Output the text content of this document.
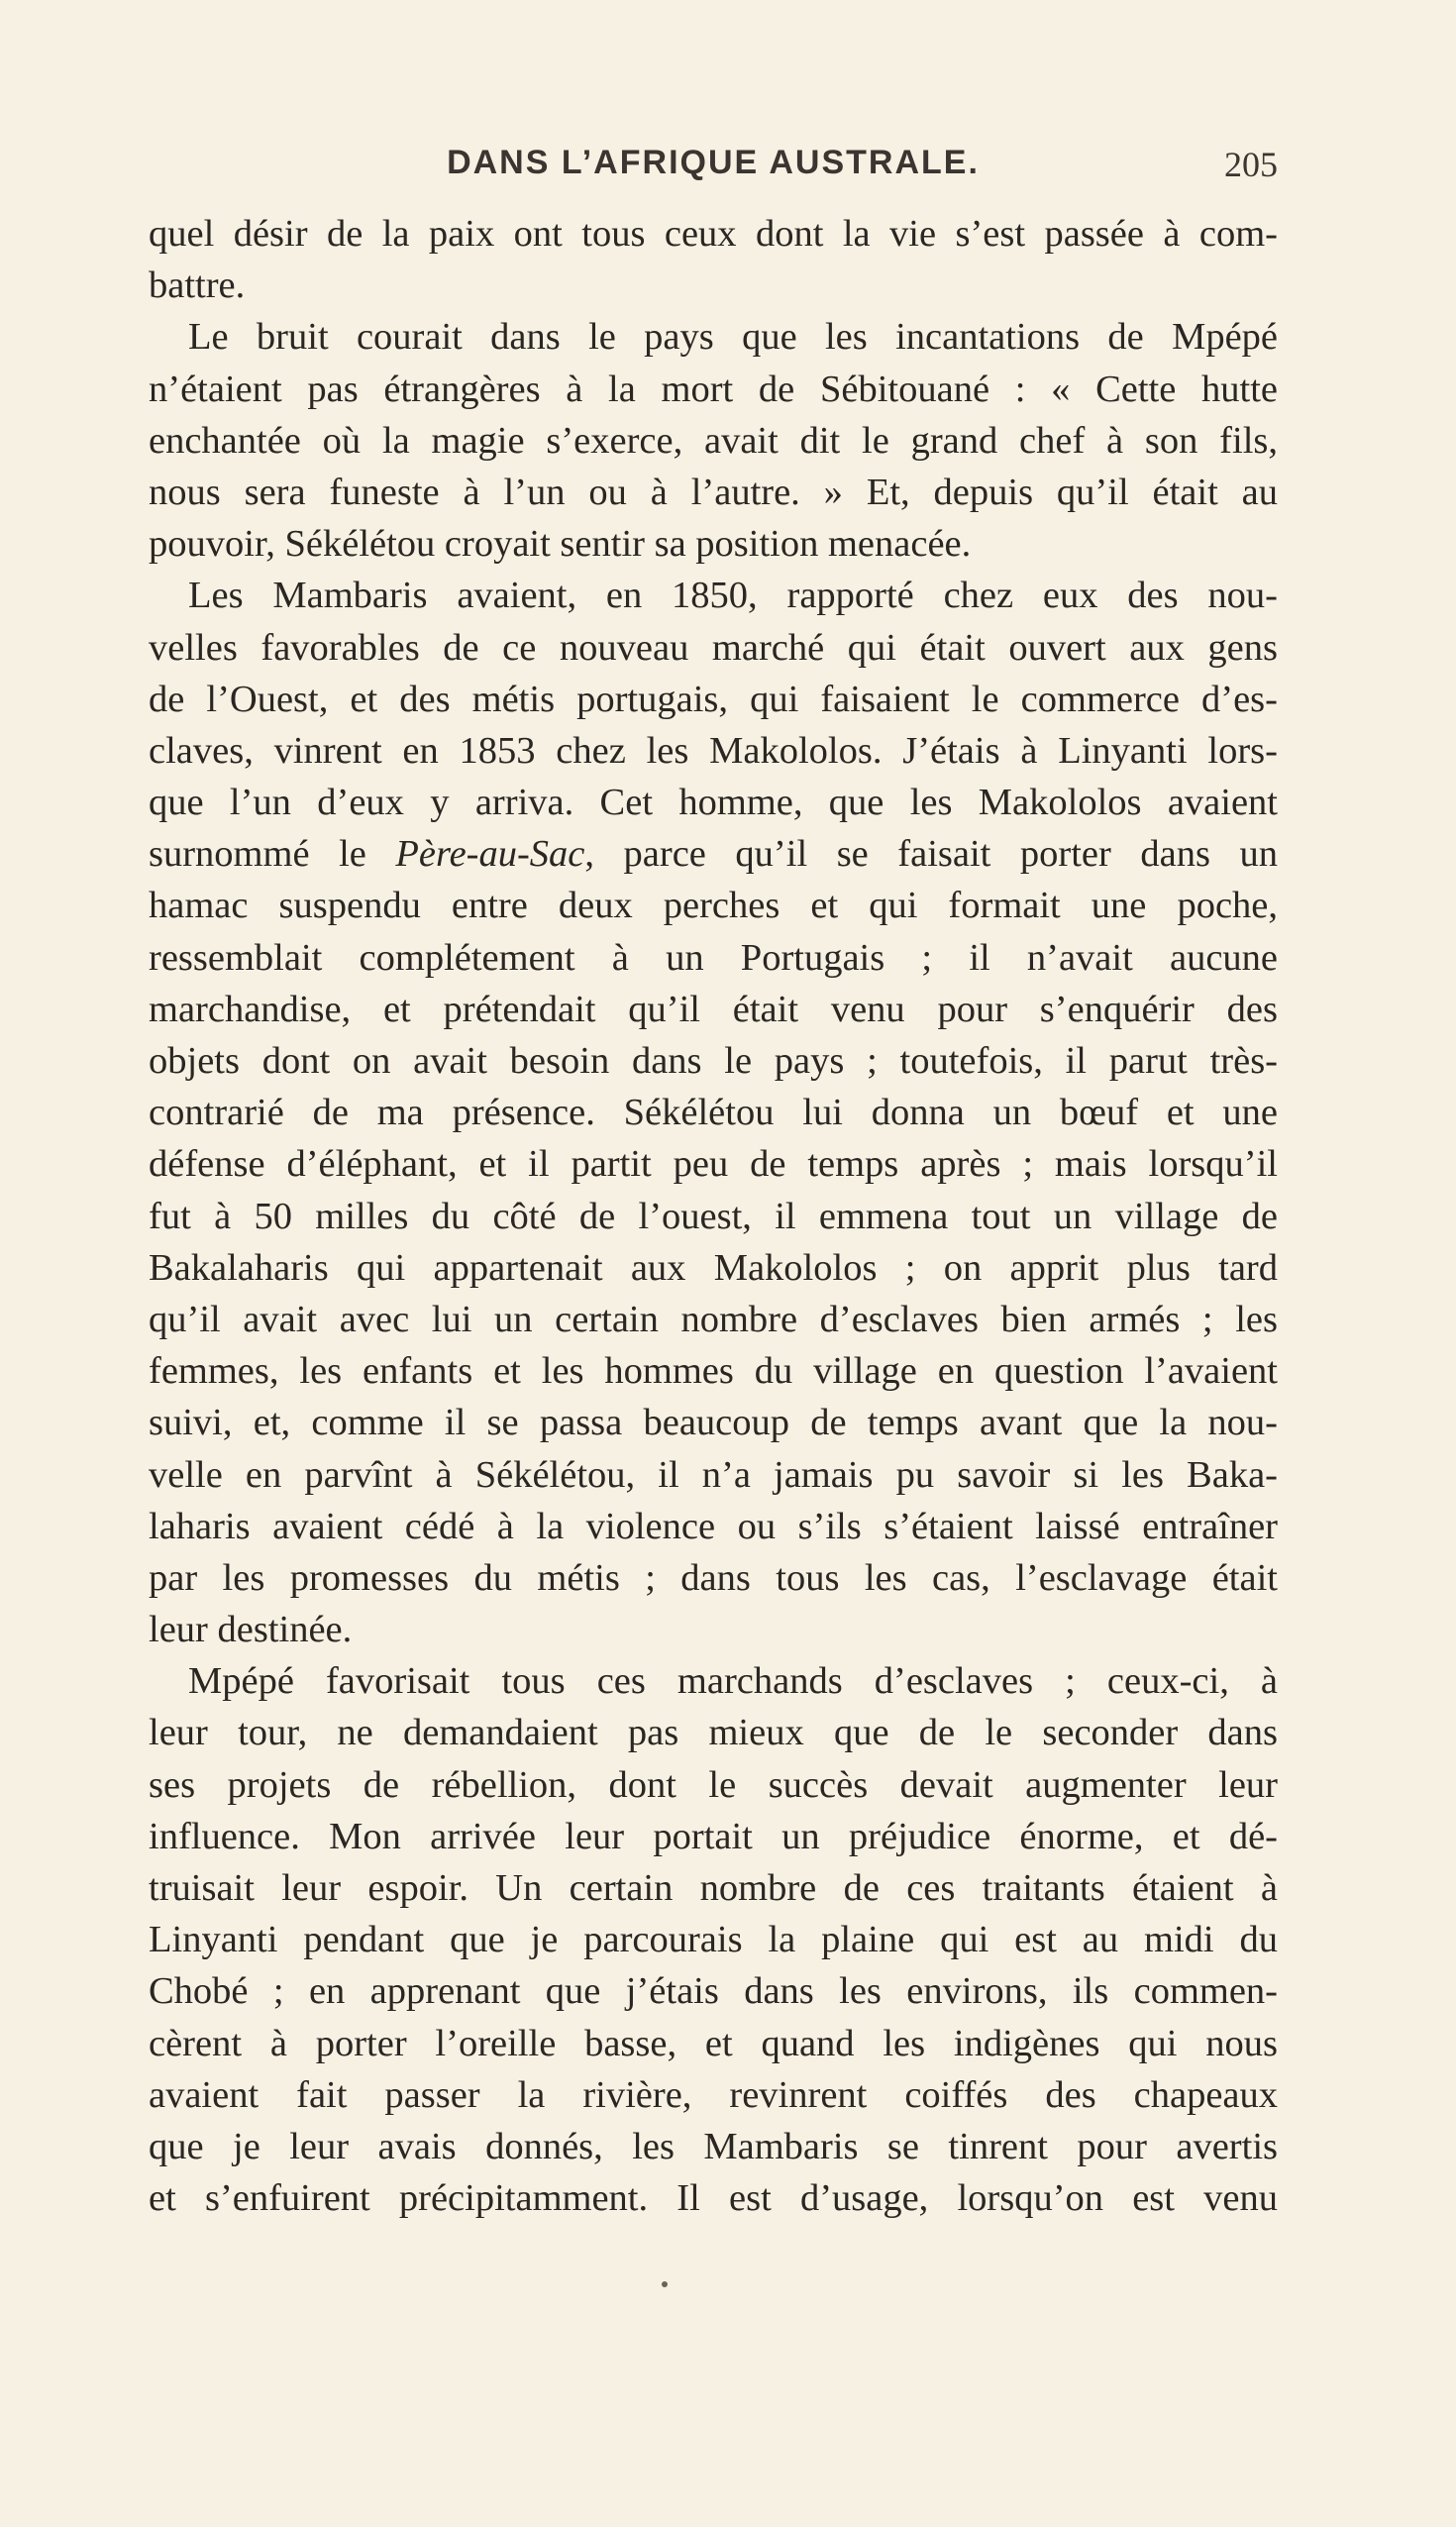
DANS L’AFRIQUE AUSTRALE.	205
quel désir de la paix ont tous ceux dont la vie s’est passée à com-
battre.
Le bruit courait dans le pays que les incantations de Mpépé
n’étaient pas étrangères à la mort de Sébitouané : « Cette hutte
enchantée où la magie s’exerce, avait dit le grand chef à son fils,
nous sera funeste à l’un ou à l’autre. » Et, depuis qu’il était au
pouvoir, Sékélétou croyait sentir sa position menacée.
Les Mambaris avaient, en 1850, rapporté chez eux des nou-
velles favorables de ce nouveau marché qui était ouvert aux gens
de l’Ouest, et des métis portugais, qui faisaient le commerce d’es-
claves, vinrent en 1853 chez les Makololos. J’étais à Linyanti lors-
que l’un d’eux y arriva. Cet homme, que les Makololos avaient
surnommé le Père-au-Sac, parce qu’il se faisait porter dans un
hamac suspendu entre deux perches et qui formait une poche,
ressemblait complétement à un Portugais ; il n’avait aucune
marchandise, et prétendait qu’il était venu pour s’enquérir des
objets dont on avait besoin dans le pays ; toutefois, il parut très-
contrarié de ma présence. Sékélétou lui donna un bœuf et une
défense d’éléphant, et il partit peu de temps après ; mais lorsqu’il
fut à 50 milles du côté de l’ouest, il emmena tout un village de
Bakalaharis qui appartenait aux Makololos ; on apprit plus tard
qu’il avait avec lui un certain nombre d’esclaves bien armés ; les
femmes, les enfants et les hommes du village en question l’avaient
suivi, et, comme il se passa beaucoup de temps avant que la nou-
velle en parvînt à Sékélétou, il n’a jamais pu savoir si les Baka-
laharis avaient cédé à la violence ou s’ils s’étaient laissé entraîner
par les promesses du métis ; dans tous les cas, l’esclavage était
leur destinée.
Mpépé favorisait tous ces marchands d’esclaves ; ceux-ci, à
leur tour, ne demandaient pas mieux que de le seconder dans
ses projets de rébellion, dont le succès devait augmenter leur
influence. Mon arrivée leur portait un préjudice énorme, et dé-
truisait leur espoir. Un certain nombre de ces traitants étaient à
Linyanti pendant que je parcourais la plaine qui est au midi du
Chobé ; en apprenant que j’étais dans les environs, ils commen-
cèrent à porter l’oreille basse, et quand les indigènes qui nous
avaient fait passer la rivière, revinrent coiffés des chapeaux
que je leur avais donnés, les Mambaris se tinrent pour avertis
et s’enfuirent précipitamment. Il est d’usage, lorsqu’on est venu
